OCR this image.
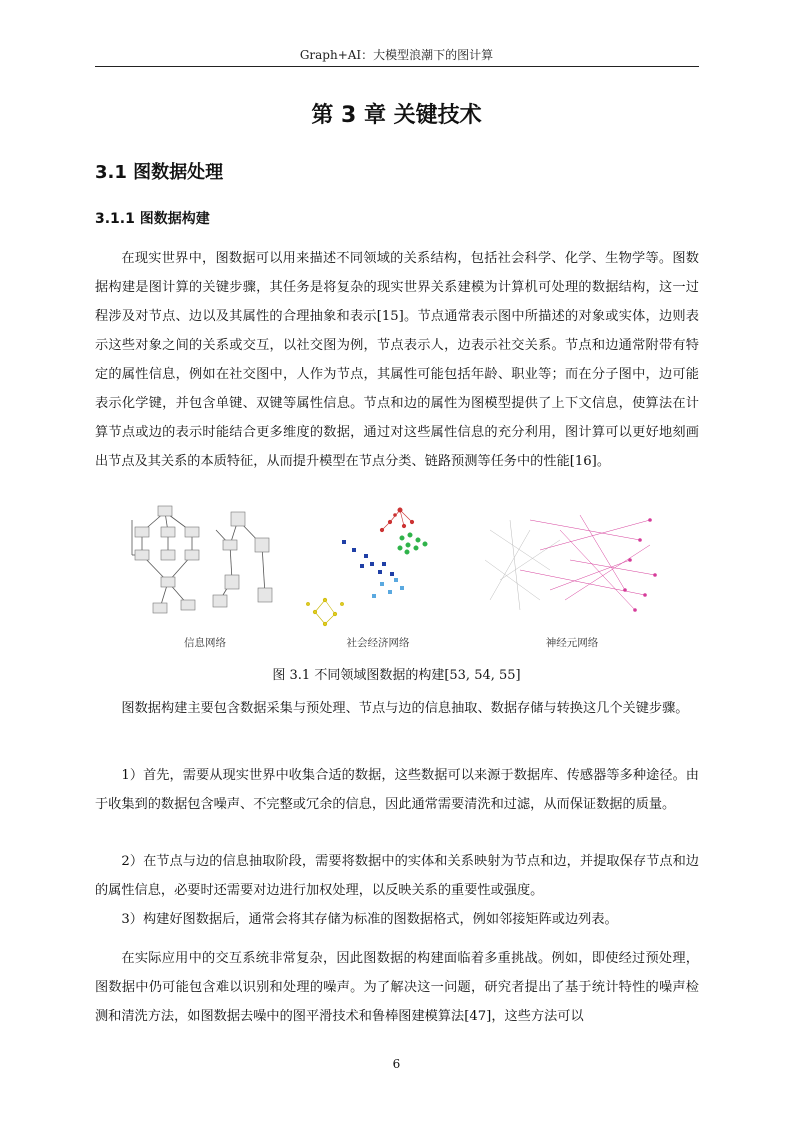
Graph+AI：大模型浪潮下的图计算
第 3 章 关键技术
3.1 图数据处理
3.1.1 图数据构建

在现实世界中，图数据可以用来描述不同领域的关系结构，包括社会科学、化学、生物学等。图数据构建是图计算的关键步骤，其任务是将复杂的现实世界关系建模为计算机可处理的数据结构，这一过程涉及对节点、边以及其属性的合理抽象和表示[15]。节点通常表示图中所描述的对象或实体，边则表示这些对象之间的关系或交互，以社交图为例，节点表示人，边表示社交关系。节点和边通常附带有特定的属性信息，例如在社交图中，人作为节点，其属性可能包括年龄、职业等；而在分子图中，边可能表示化学键，并包含单键、双键等属性信息。节点和边的属性为图模型提供了上下文信息，使算法在计算节点或边的表示时能结合更多维度的数据，通过对这些属性信息的充分利用，图计算可以更好地刻画出节点及其关系的本质特征，从而提升模型在节点分类、链路预测等任务中的性能[16]。

信息网络	社会经济网络	神经元网络
图 3.1 不同领域图数据的构建[53, 54, 55]

图数据构建主要包含数据采集与预处理、节点与边的信息抽取、数据存储与转换这几个关键步骤。

1）首先，需要从现实世界中收集合适的数据，这些数据可以来源于数据库、传感器等多种途径。由于收集到的数据包含噪声、不完整或冗余的信息，因此通常需要清洗和过滤，从而保证数据的质量。

2）在节点与边的信息抽取阶段，需要将数据中的实体和关系映射为节点和边，并提取保存节点和边的属性信息，必要时还需要对边进行加权处理，以反映关系的重要性或强度。

3）构建好图数据后，通常会将其存储为标准的图数据格式，例如邻接矩阵或边列表。

在实际应用中的交互系统非常复杂，因此图数据的构建面临着多重挑战。例如，即使经过预处理，图数据中仍可能包含难以识别和处理的噪声。为了解决这一问题，研究者提出了基于统计特性的噪声检测和清洗方法，如图数据去噪中的图平滑技术和鲁棒图建模算法[47]，这些方法可以

6
